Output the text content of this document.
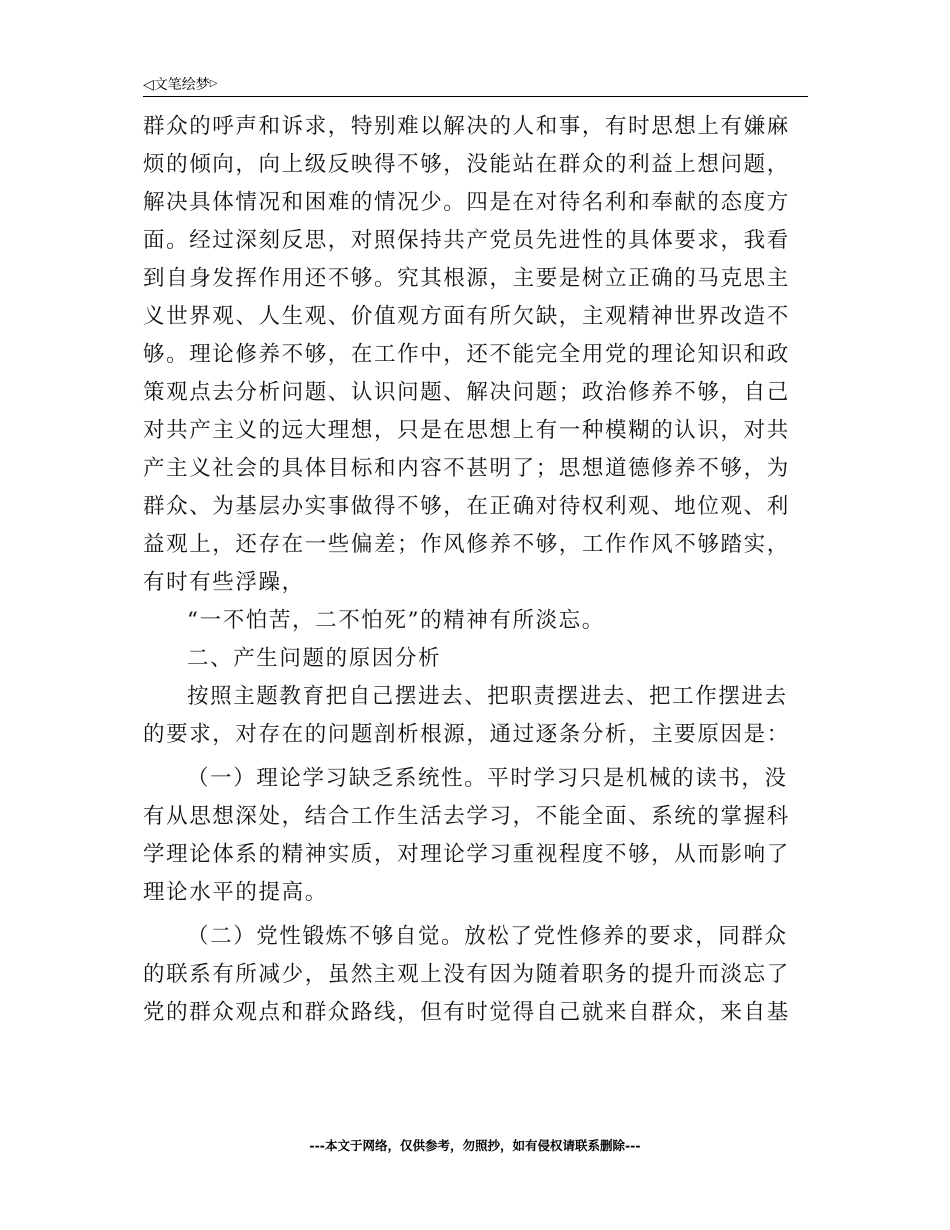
◁文笔绘梦▷
群众的呼声和诉求，特别难以解决的人和事，有时思想上有嫌麻
烦的倾向，向上级反映得不够，没能站在群众的利益上想问题，
解决具体情况和困难的情况少。四是在对待名利和奉献的态度方
面。经过深刻反思，对照保持共产党员先进性的具体要求，我看
到自身发挥作用还不够。究其根源，主要是树立正确的马克思主
义世界观、人生观、价值观方面有所欠缺，主观精神世界改造不
够。理论修养不够，在工作中，还不能完全用党的理论知识和政
策观点去分析问题、认识问题、解决问题；政治修养不够，自己
对共产主义的远大理想，只是在思想上有一种模糊的认识，对共
产主义社会的具体目标和内容不甚明了；思想道德修养不够，为
群众、为基层办实事做得不够，在正确对待权利观、地位观、利
益观上，还存在一些偏差；作风修养不够，工作作风不够踏实，
有时有些浮躁，
“一不怕苦，二不怕死”的精神有所淡忘。
二、产生问题的原因分析
按照主题教育把自己摆进去、把职责摆进去、把工作摆进去
的要求，对存在的问题剖析根源，通过逐条分析，主要原因是：
（一）理论学习缺乏系统性。平时学习只是机械的读书，没
有从思想深处，结合工作生活去学习，不能全面、系统的掌握科
学理论体系的精神实质，对理论学习重视程度不够，从而影响了
理论水平的提高。
（二）党性锻炼不够自觉。放松了党性修养的要求，同群众
的联系有所减少，虽然主观上没有因为随着职务的提升而淡忘了
党的群众观点和群众路线，但有时觉得自己就来自群众，来自基
---本文于网络，仅供参考，勿照抄，如有侵权请联系删除---
